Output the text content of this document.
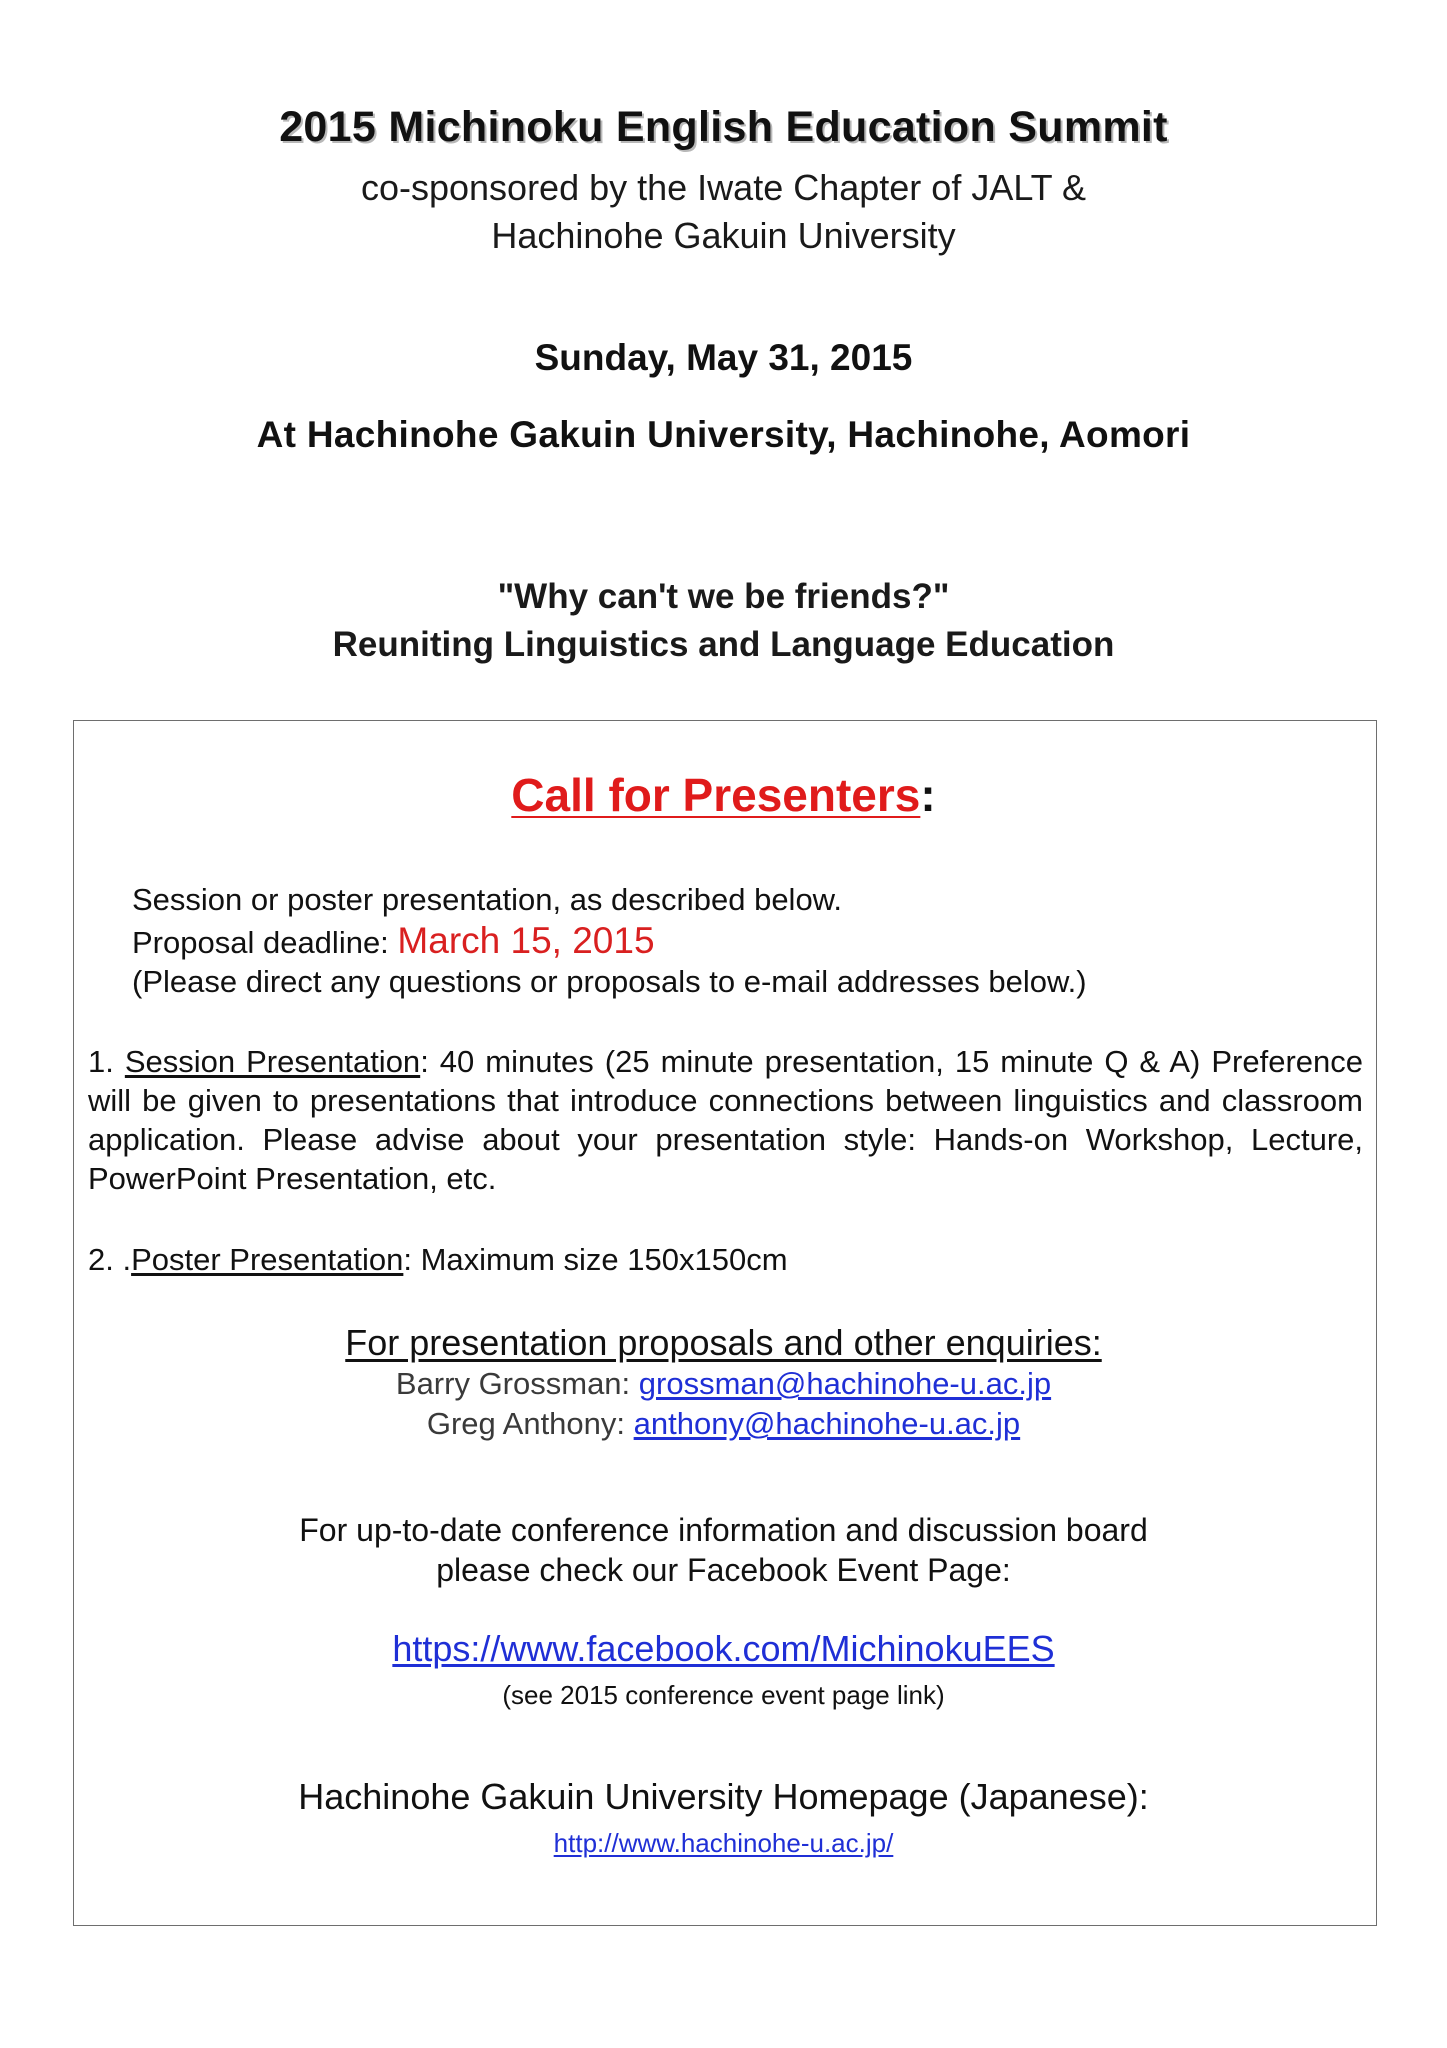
2015 Michinoku English Education Summit
co-sponsored by the Iwate Chapter of JALT &
Hachinohe Gakuin University
Sunday, May 31, 2015
At Hachinohe Gakuin University, Hachinohe, Aomori
"Why can't we be friends?"
Reuniting Linguistics and Language Education
Call for Presenters:
Session or poster presentation, as described below.
Proposal deadline: March 15, 2015
(Please direct any questions or proposals to e-mail addresses below.)
1. Session Presentation: 40 minutes (25 minute presentation, 15 minute Q & A) Preference will be given to presentations that introduce connections between linguistics and classroom application. Please advise about your presentation style: Hands-on Workshop, Lecture, PowerPoint Presentation, etc.
2. .Poster Presentation: Maximum size 150x150cm
For presentation proposals and other enquiries:
Barry Grossman: grossman@hachinohe-u.ac.jp
Greg Anthony: anthony@hachinohe-u.ac.jp
For up-to-date conference information and discussion board
please check our Facebook Event Page:
https://www.facebook.com/MichinokuEES
(see 2015 conference event page link)
Hachinohe Gakuin University Homepage (Japanese):
http://www.hachinohe-u.ac.jp/
